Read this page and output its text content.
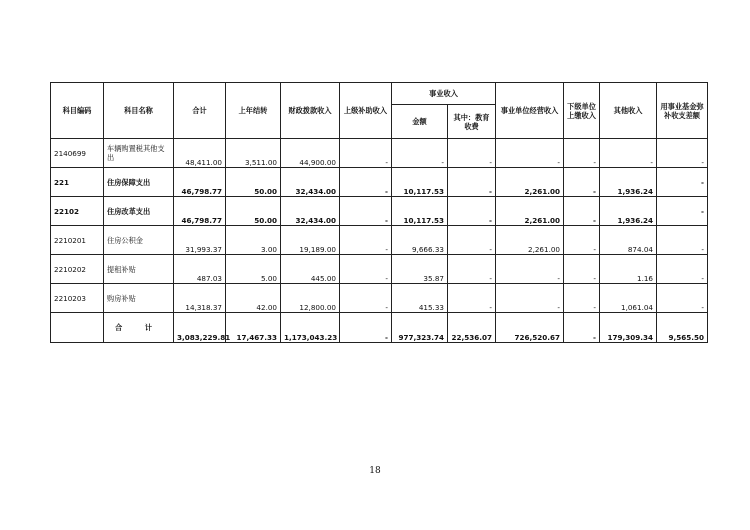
科目编码	科目名称	合计	上年结转	财政拨款收入	上级补助收入	事业收入		事业单位经营收入	下级单位上缴收入	其他收入	用事业基金弥补收支差额
						金额	其中：教育收费				
2140699	车辆购置税其他支出	48,411.00	3,511.00	44,900.00	-	-	-	-	-	-	-
221	住房保障支出	46,798.77	50.00	32,434.00	-	10,117.53	-	2,261.00	-	1,936.24	-
22102	住房改革支出	46,798.77	50.00	32,434.00	-	10,117.53	-	2,261.00	-	1,936.24	-
2210201	住房公积金	31,993.37	3.00	19,189.00	-	9,666.33	-	2,261.00	-	874.04	-
2210202	提租补贴	487.03	5.00	445.00	-	35.87	-	-	-	1.16	-
2210203	购房补贴	14,318.37	42.00	12,800.00	-	415.33	-	-	-	1,061.04	-
	合 计	3,083,229.81	17,467.33	1,173,043.23	-	977,323.74	22,536.07	726,520.67	-	179,309.34	9,565.50
18
